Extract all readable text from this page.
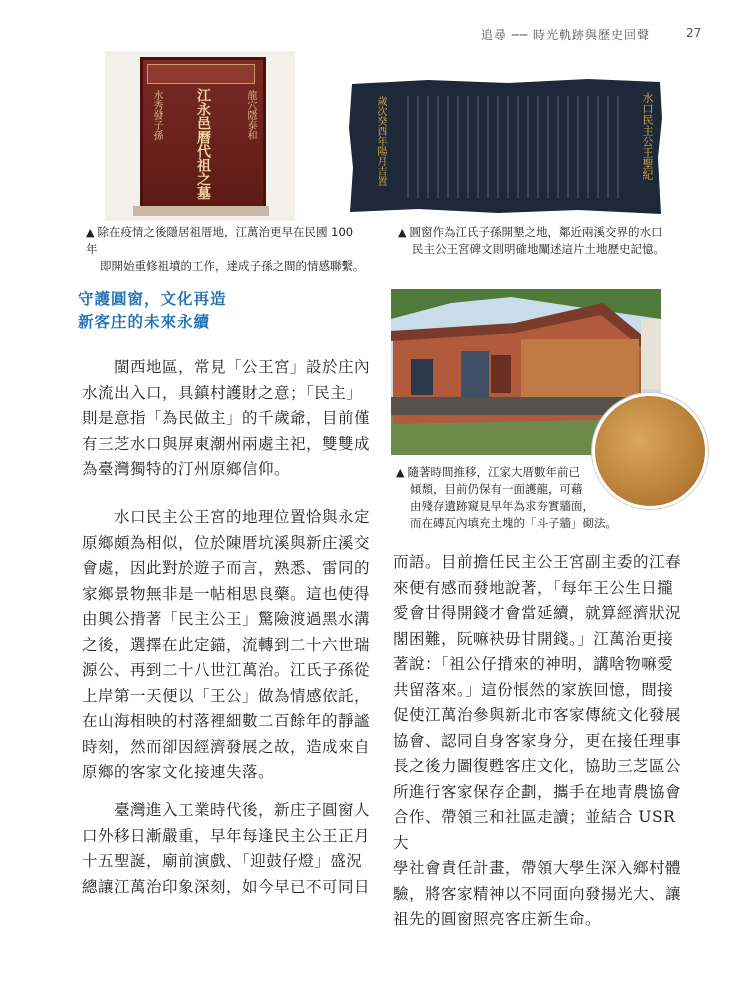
追尋 ── 時光軌跡與歷史回聲	27
水秀發子孫	龍穴隱泰和
江永邑曆代祖之墓	水口民主公王聖紀
歲次癸酉年陽月吉置
▲ 除在疫情之後隱居祖厝地，江萬治更早在民國 100 年
即開始重修祖墳的工作，達成子孫之間的情感聯繫。
▲ 圓窗作為江氏子孫開墾之地，鄰近兩溪交界的水口
民主公王宮碑文則明確地闡述這片土地歷史記憶。
守護圓窗，文化再造
新客庄的未來永續
　　閩西地區，常見「公王宮」設於庄內
水流出入口，具鎮村護財之意；「民主」
則是意指「為民做主」的千歲爺，目前僅
有三芝水口與屏東潮州兩處主祀，雙雙成
為臺灣獨特的汀州原鄉信仰。
　　水口民主公王宮的地理位置恰與永定
原鄉頗為相似，位於陳厝坑溪與新庄溪交
會處，因此對於遊子而言，熟悉、雷同的
家鄉景物無非是一帖相思良藥。這也使得
由興公揹著「民主公王」驚險渡過黑水溝
之後，選擇在此定錨，流轉到二十六世瑞
源公、再到二十八世江萬治。江氏子孫從
上岸第一天便以「王公」做為情感依託，
在山海相映的村落裡細數二百餘年的靜謐
時刻，然而卻因經濟發展之故，造成來自
原鄉的客家文化接連失落。
　　臺灣進入工業時代後，新庄子圓窗人
口外移日漸嚴重，早年每逢民主公王正月
十五聖誕，廟前演戲、「迎鼓仔燈」盛況
總讓江萬治印象深刻，如今早已不可同日
▲ 隨著時間推移，江家大厝數年前已
傾頹，目前仍保有一面護龍，可藉
由殘存遺跡窺見早年為求夯實牆面，
而在磚瓦內填充土塊的「斗子牆」砌法。
而語。目前擔任民主公王宮副主委的江春
來便有感而發地說著，「每年王公生日攏
愛會甘得開錢才會當延續，就算經濟狀況
閣困難，阮嘛袂毋甘開錢。」江萬治更接
著說：「祖公仔揹來的神明，講啥物嘛愛
共留落來。」這份悵然的家族回憶，間接
促使江萬治參與新北市客家傳統文化發展
協會、認同自身客家身分，更在接任理事
長之後力圖復甦客庄文化，協助三芝區公
所進行客家保存企劃，攜手在地青農協會
合作、帶領三和社區走讀；並結合 USR 大
學社會責任計畫，帶領大學生深入鄉村體
驗，將客家精神以不同面向發揚光大、讓
祖先的圓窗照亮客庄新生命。
